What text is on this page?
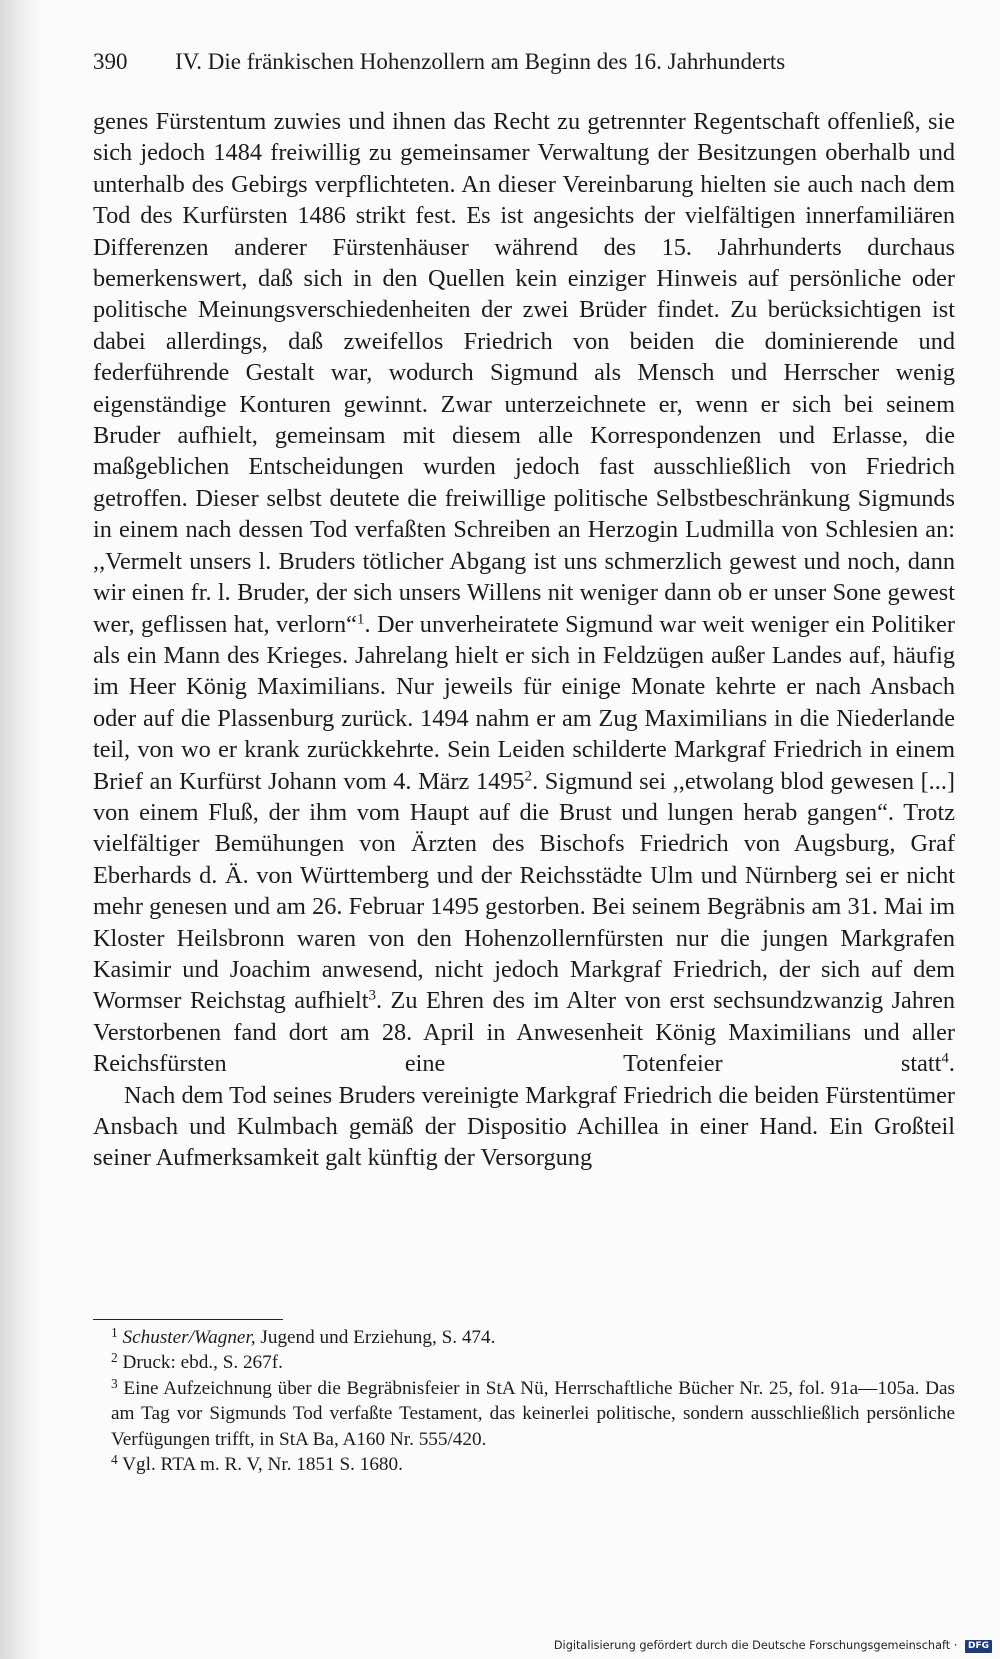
390 IV. Die fränkischen Hohenzollern am Beginn des 16. Jahrhunderts

genes Fürstentum zuwies und ihnen das Recht zu getrennter Regentschaft offenließ, sie sich jedoch 1484 freiwillig zu gemeinsamer Verwaltung der Besitzungen oberhalb und unterhalb des Gebirgs verpflichteten. An dieser Vereinbarung hielten sie auch nach dem Tod des Kurfürsten 1486 strikt fest. Es ist angesichts der vielfältigen innerfamiliären Differenzen anderer Fürstenhäuser während des 15. Jahrhunderts durchaus bemerkenswert, daß sich in den Quellen kein einziger Hinweis auf persönliche oder politische Meinungsverschiedenheiten der zwei Brüder findet. Zu berücksichtigen ist dabei allerdings, daß zweifellos Friedrich von beiden die dominierende und federführende Gestalt war, wodurch Sigmund als Mensch und Herrscher wenig eigenständige Konturen gewinnt. Zwar unterzeichnete er, wenn er sich bei seinem Bruder aufhielt, gemeinsam mit diesem alle Korrespondenzen und Erlasse, die maßgeblichen Entscheidungen wurden jedoch fast ausschließlich von Friedrich getroffen. Dieser selbst deutete die freiwillige politische Selbstbeschränkung Sigmunds in einem nach dessen Tod verfaßten Schreiben an Herzogin Ludmilla von Schlesien an: ,,Vermelt unsers l. Bruders tötlicher Abgang ist uns schmerzlich gewest und noch, dann wir einen fr. l. Bruder, der sich unsers Willens nit weniger dann ob er unser Sone gewest wer, geflissen hat, verlorn“$^1$. Der unverheiratete Sigmund war weit weniger ein Politiker als ein Mann des Krieges. Jahrelang hielt er sich in Feldzügen außer Landes auf, häufig im Heer König Maximilians. Nur jeweils für einige Monate kehrte er nach Ansbach oder auf die Plassenburg zurück. 1494 nahm er am Zug Maximilians in die Niederlande teil, von wo er krank zurückkehrte. Sein Leiden schilderte Markgraf Friedrich in einem Brief an Kurfürst Johann vom 4. März 1495$^2$. Sigmund sei ,,etwolang blod gewesen [...] von einem Fluß, der ihm vom Haupt auf die Brust und lungen herab gangen“. Trotz vielfältiger Bemühungen von Ärzten des Bischofs Friedrich von Augsburg, Graf Eberhards d. Ä. von Württemberg und der Reichsstädte Ulm und Nürnberg sei er nicht mehr genesen und am 26. Februar 1495 gestorben. Bei seinem Begräbnis am 31. Mai im Kloster Heilsbronn waren von den Hohenzollernfürsten nur die jungen Markgrafen Kasimir und Joachim anwesend, nicht jedoch Markgraf Friedrich, der sich auf dem Wormser Reichstag aufhielt$^3$. Zu Ehren des im Alter von erst sechsundzwanzig Jahren Verstorbenen fand dort am 28. April in Anwesenheit König Maximilians und aller Reichsfürsten eine Totenfeier statt$^4$.

Nach dem Tod seines Bruders vereinigte Markgraf Friedrich die beiden Fürstentümer Ansbach und Kulmbach gemäß der Dispositio Achillea in einer Hand. Ein Großteil seiner Aufmerksamkeit galt künftig der Versorgung

$^1$ Schuster/Wagner, Jugend und Erziehung, S. 474.

$^2$ Druck: ebd., S. 267f.

$^3$ Eine Aufzeichnung über die Begräbnisfeier in StA Nü, Herrschaftliche Bücher Nr. 25, fol. 91a—105a. Das am Tag vor Sigmunds Tod verfaßte Testament, das keinerlei politische, sondern ausschließlich persönliche Verfügungen trifft, in StA Ba, A160 Nr. 555/420.

$^4$ Vgl. RTA m. R. V, Nr. 1851 S. 1680.

Digitalisierung gefördert durch die Deutsche Forschungsgemeinschaft · DFG
